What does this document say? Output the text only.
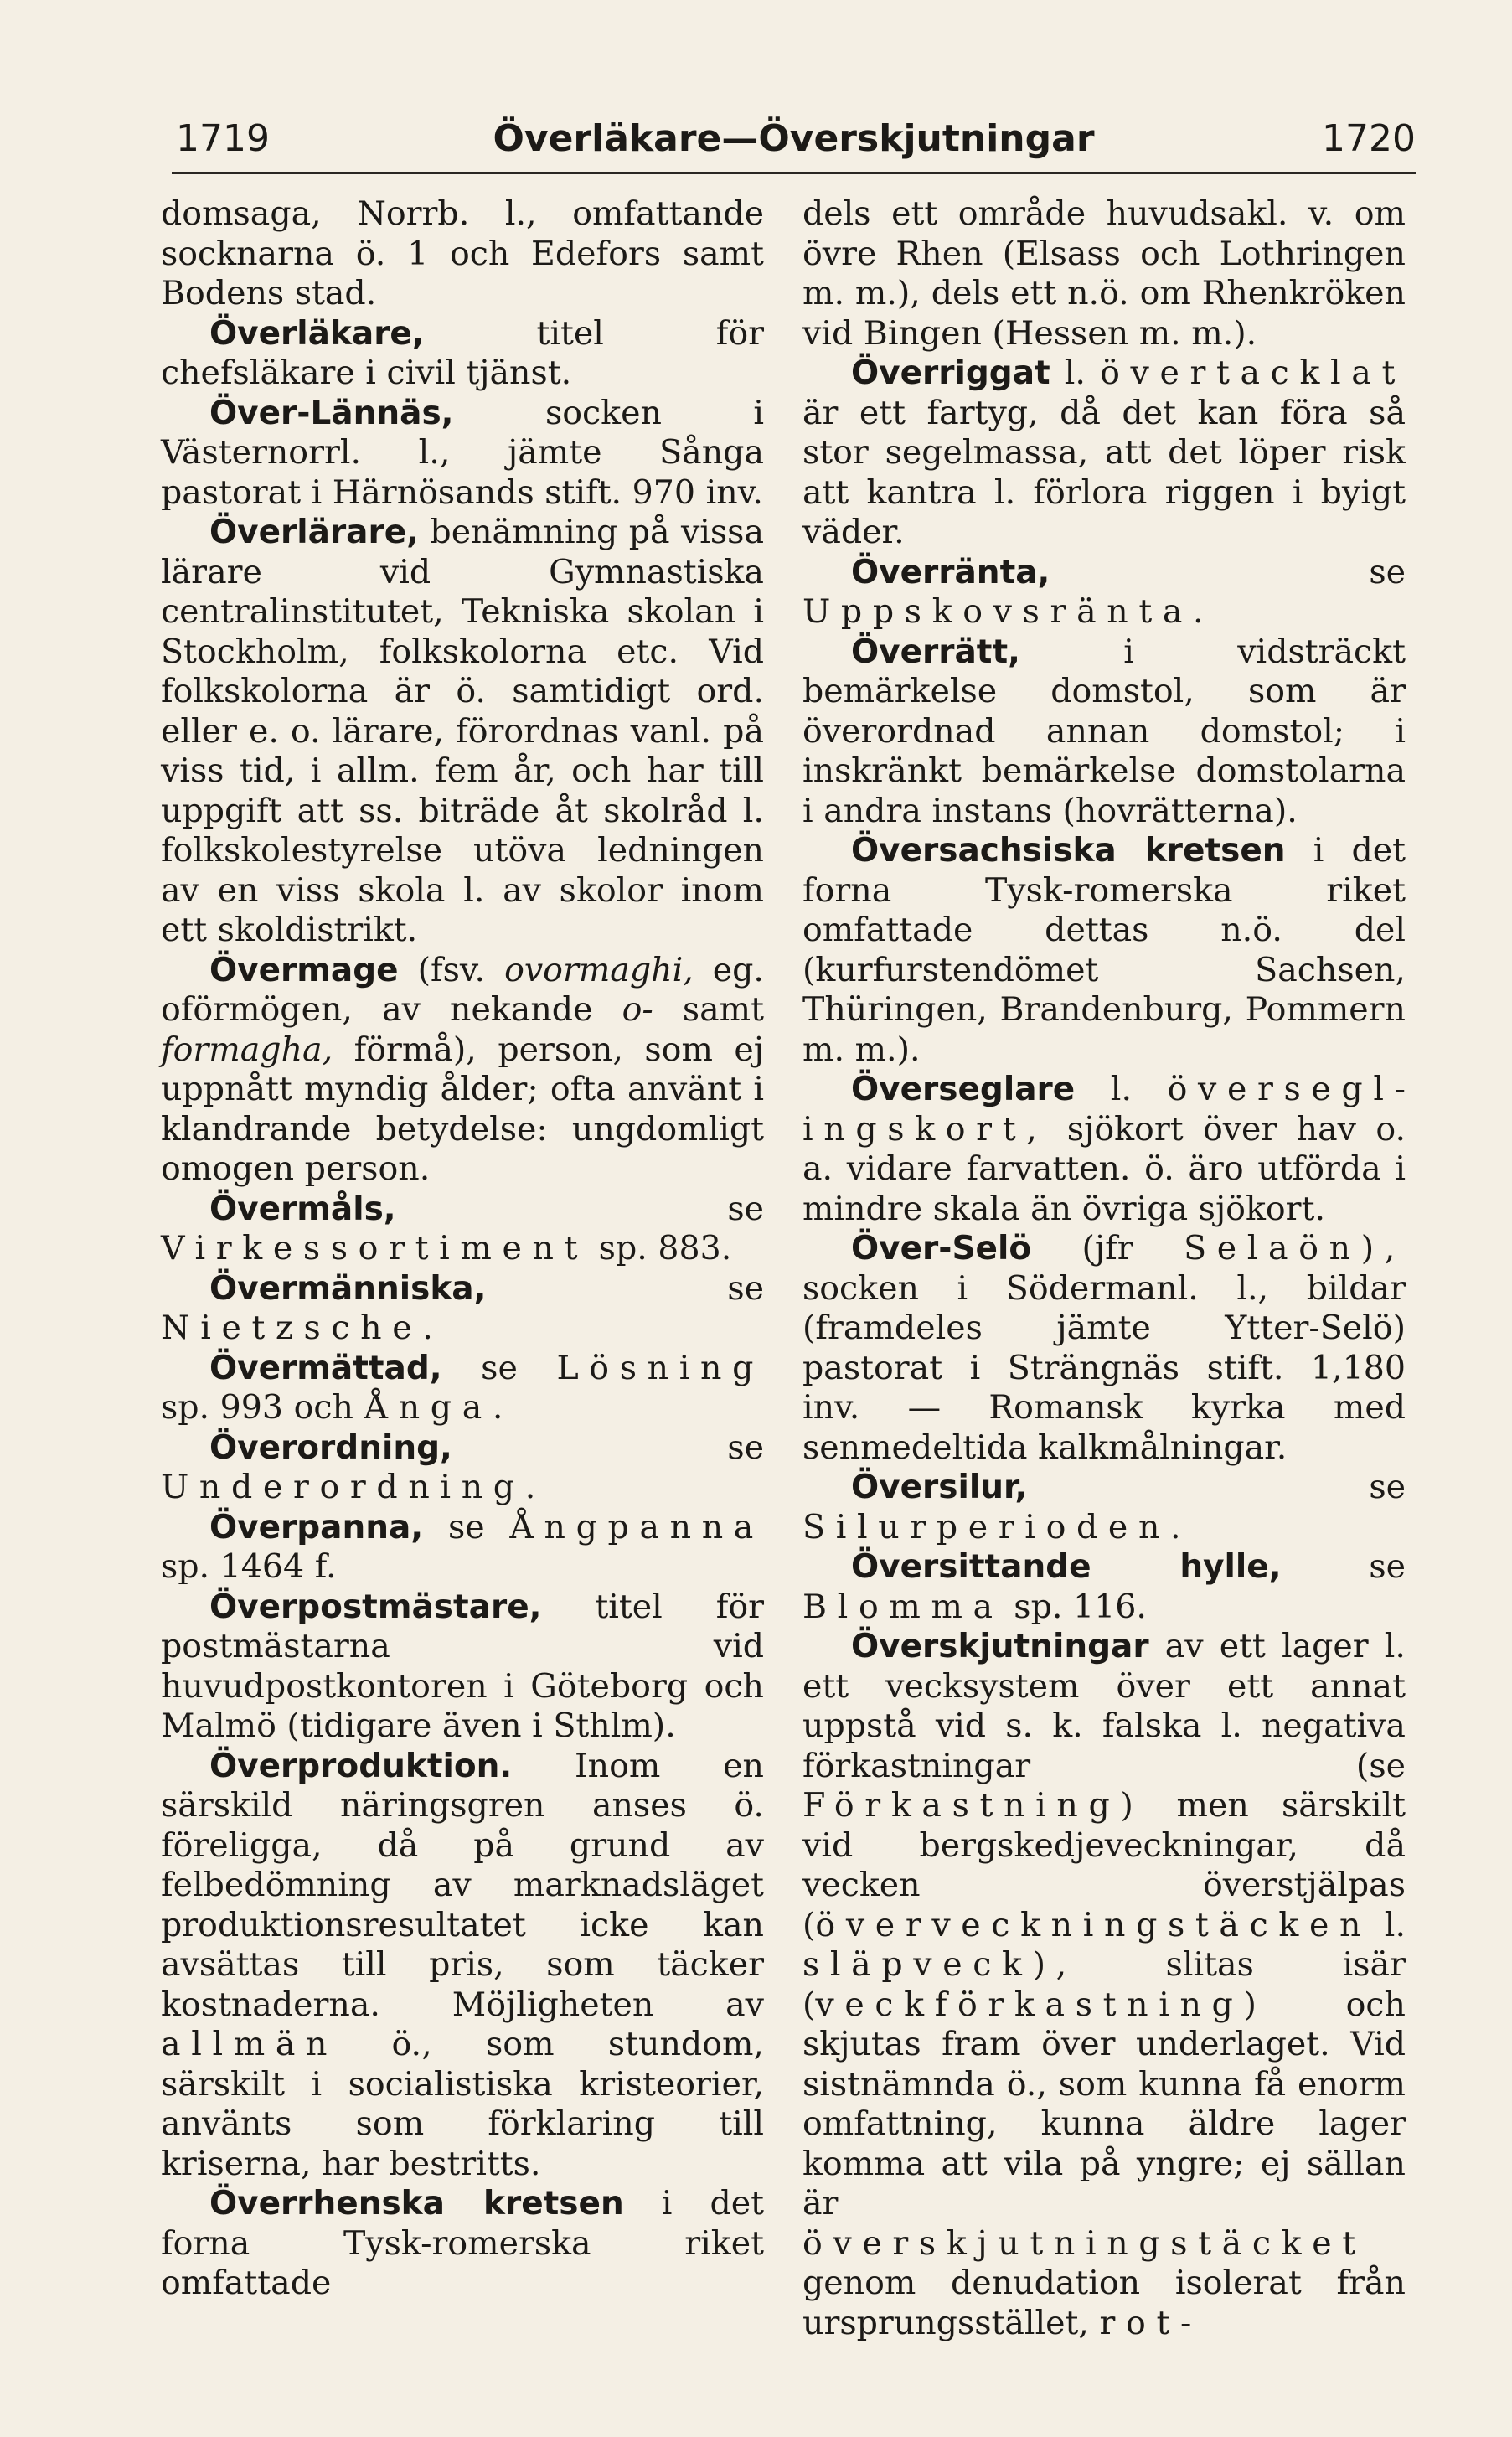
1719	Överläkare—Överskjutningar	1720

domsaga, Norrb. l., omfattande socknarna ö. 1 och Edefors samt Bodens stad.

Överläkare, titel för chefsläkare i civil tjänst.

Över-Lännäs, socken i Västernorrl. l., jämte Sånga pastorat i Härnösands stift. 970 inv.

Överlärare, benämning på vissa lärare vid Gymnastiska centralinstitutet, Tekniska skolan i Stockholm, folkskolorna etc. Vid folkskolorna är ö. samtidigt ord. eller e. o. lärare, förordnas vanl. på viss tid, i allm. fem år, och har till uppgift att ss. biträde åt skolråd l. folkskolestyrelse utöva ledningen av en viss skola l. av skolor inom ett skoldistrikt.

Övermage (fsv. ovormaghi, eg. oförmögen, av nekande o- samt formagha, förmå), person, som ej uppnått myndig ålder; ofta använt i klandrande betydelse: ungdomligt omogen person.

Övermåls, se Virkessortiment sp. 883.

Övermänniska, se Nietzsche.

Övermättad, se Lösning sp. 993 och Ånga.

Överordning, se Underordning.

Överpanna, se Ångpanna sp. 1464 f.

Överpostmästare, titel för postmästarna vid huvudpostkontoren i Göteborg och Malmö (tidigare även i Sthlm).

Överproduktion. Inom en särskild näringsgren anses ö. föreligga, då på grund av felbedömning av marknadsläget produktionsresultatet icke kan avsättas till pris, som täcker kostnaderna. Möjligheten av allmän ö., som stundom, särskilt i socialistiska kristeorier, använts som förklaring till kriserna, har bestritts.

Överrhenska kretsen i det forna Tysk-romerska riket omfattade

dels ett område huvudsakl. v. om övre Rhen (Elsass och Lothringen m. m.), dels ett n.ö. om Rhenkröken vid Bingen (Hessen m. m.).

Överriggat l. övertacklat är ett fartyg, då det kan föra så stor segelmassa, att det löper risk att kantra l. förlora riggen i byigt väder.

Överränta, se Uppskovsränta.

Överrätt, i vidsträckt bemärkelse domstol, som är överordnad annan domstol; i inskränkt bemärkelse domstolarna i andra instans (hovrätterna).

Översachsiska kretsen i det forna Tysk-romerska riket omfattade dettas n.ö. del (kurfurstendömet Sachsen, Thüringen, Brandenburg, Pommern m. m.).

Överseglare l. överseglingskort, sjökort över hav o. a. vidare farvatten. ö. äro utförda i mindre skala än övriga sjökort.

Över-Selö (jfr Selaön), socken i Södermanl. l., bildar (framdeles jämte Ytter-Selö) pastorat i Strängnäs stift. 1,180 inv. — Romansk kyrka med senmedeltida kalkmålningar.

Översilur, se Silurperioden.

Översittande hylle, se Blomma sp. 116.

Överskjutningar av ett lager l. ett vecksystem över ett annat uppstå vid s. k. falska l. negativa förkastningar (se Förkastning) men särskilt vid bergskedjeveckningar, då vecken överstjälpas (överveckningstäcken l. släpveck), slitas isär (veckförkastning) och skjutas fram över underlaget. Vid sistnämnda ö., som kunna få enorm omfattning, kunna äldre lager komma att vila på yngre; ej sällan är överskjutningstäcket genom denudation isolerat från ursprungsstället, rot-
